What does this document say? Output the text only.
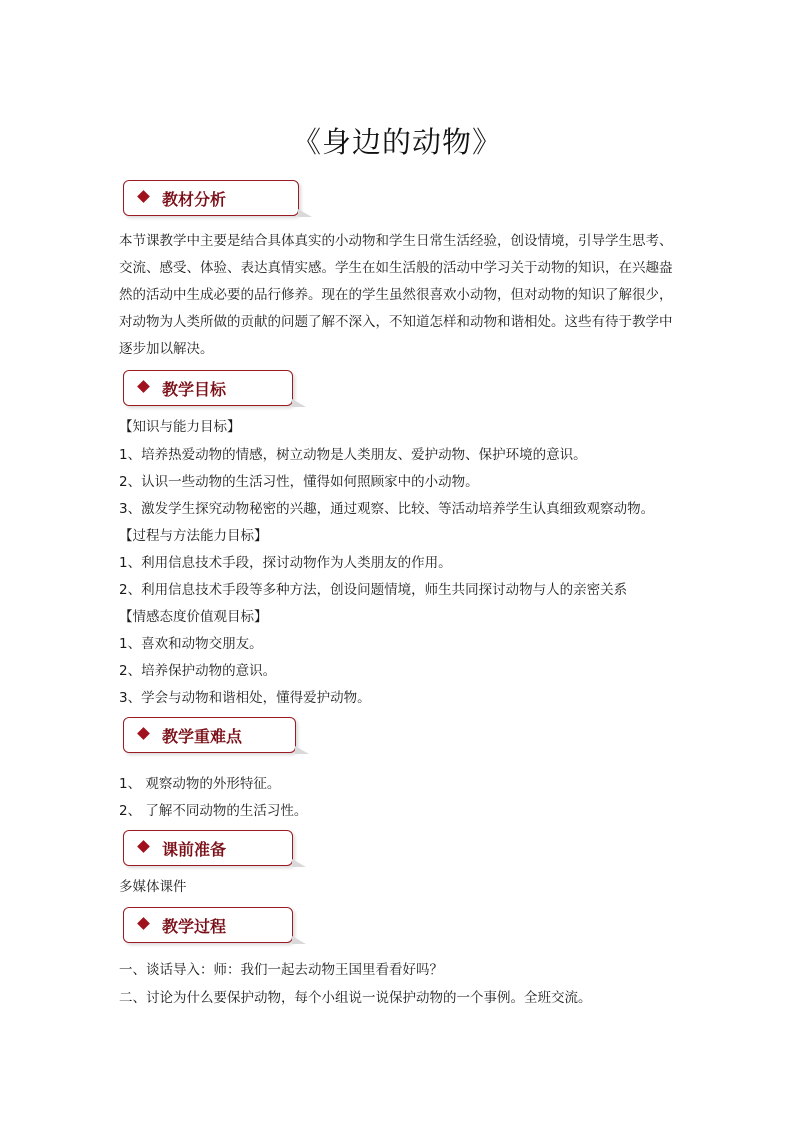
《身边的动物》
教材分析
本节课教学中主要是结合具体真实的小动物和学生日常生活经验，创设情境，引导学生思考、交流、感受、体验、表达真情实感。学生在如生活般的活动中学习关于动物的知识，在兴趣盎然的活动中生成必要的品行修养。现在的学生虽然很喜欢小动物，但对动物的知识了解很少，对动物为人类所做的贡献的问题了解不深入，不知道怎样和动物和谐相处。这些有待于教学中逐步加以解决。
教学目标
【知识与能力目标】
1、培养热爱动物的情感，树立动物是人类朋友、爱护动物、保护环境的意识。
2、认识一些动物的生活习性，懂得如何照顾家中的小动物。
3、激发学生探究动物秘密的兴趣，通过观察、比较、等活动培养学生认真细致观察动物。
【过程与方法能力目标】
1、利用信息技术手段，探讨动物作为人类朋友的作用。
2、利用信息技术手段等多种方法，创设问题情境，师生共同探讨动物与人的亲密关系
【情感态度价值观目标】
1、喜欢和动物交朋友。
2、培养保护动物的意识。
3、学会与动物和谐相处，懂得爱护动物。
教学重难点
1、 观察动物的外形特征。
2、 了解不同动物的生活习性。
课前准备
多媒体课件
教学过程
一、谈话导入：师：我们一起去动物王国里看看好吗？
二、讨论为什么要保护动物，每个小组说一说保护动物的一个事例。全班交流。
